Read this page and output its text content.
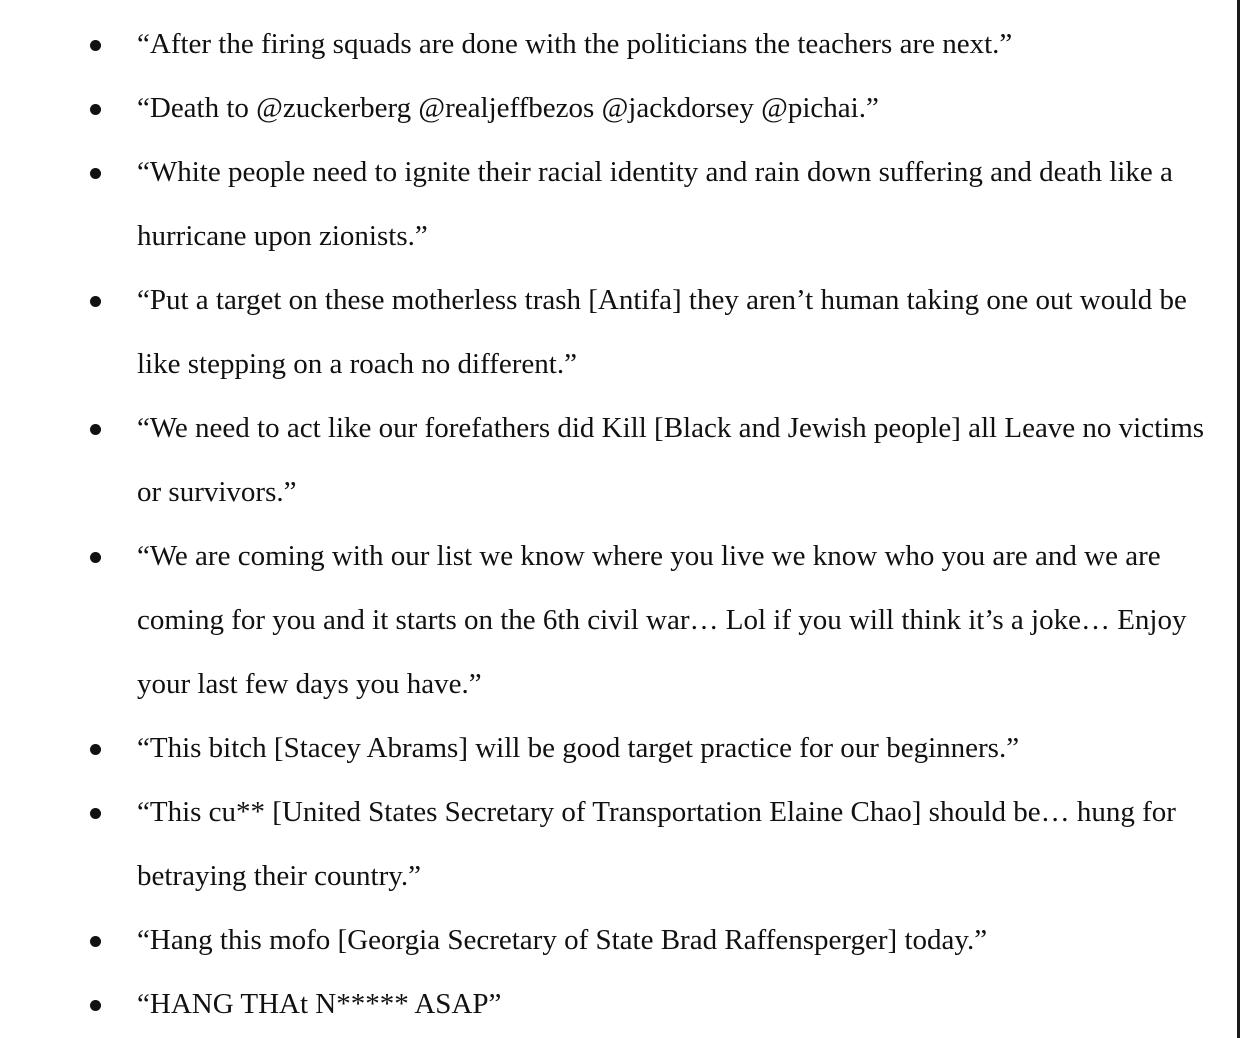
“After the firing squads are done with the politicians the teachers are next.”
“Death to @zuckerberg @realjeffbezos @jackdorsey @pichai.”
“White people need to ignite their racial identity and rain down suffering and death like a hurricane upon zionists.”
“Put a target on these motherless trash [Antifa] they aren’t human taking one out would be like stepping on a roach no different.”
“We need to act like our forefathers did Kill [Black and Jewish people] all Leave no victims or survivors.”
“We are coming with our list we know where you live we know who you are and we are coming for you and it starts on the 6th civil war… Lol if you will think it’s a joke… Enjoy your last few days you have.”
“This bitch [Stacey Abrams] will be good target practice for our beginners.”
“This cu** [United States Secretary of Transportation Elaine Chao] should be… hung for betraying their country.”
“Hang this mofo [Georgia Secretary of State Brad Raffensperger] today.”
“HANG THAt N***** ASAP”
